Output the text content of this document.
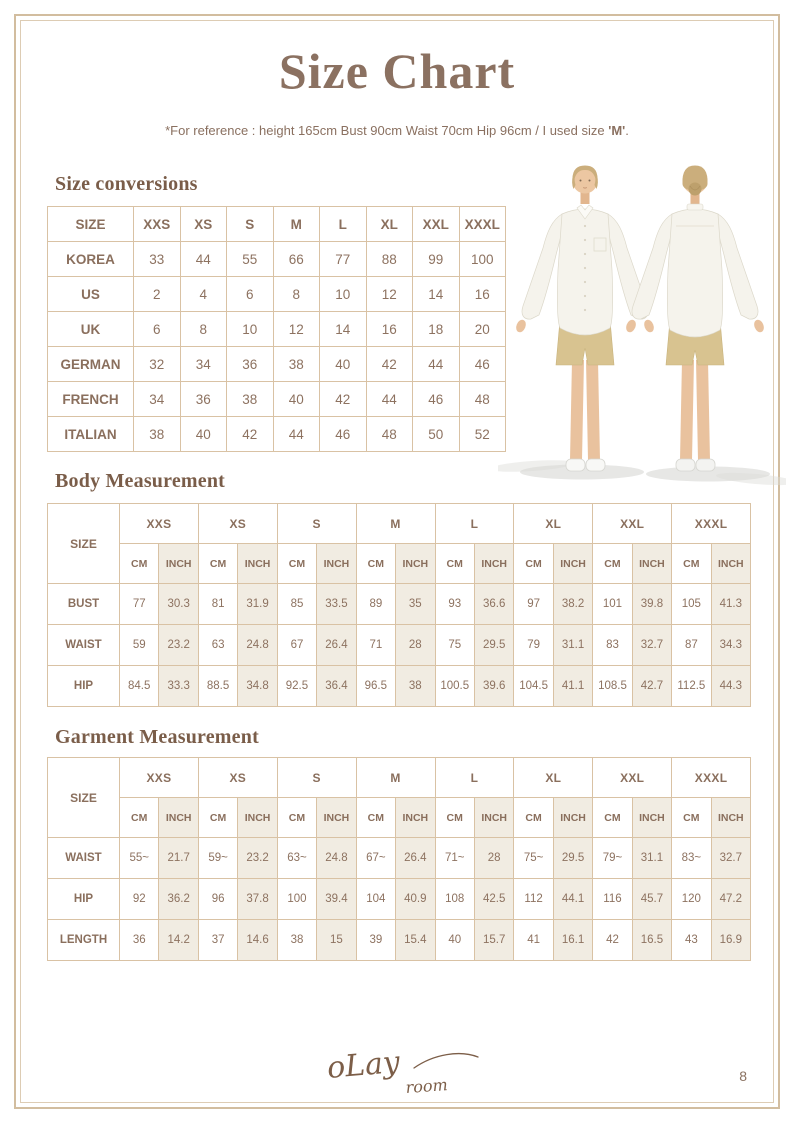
Size Chart

*For reference : height 165cm Bust 90cm Waist 70cm Hip 96cm / I used size 'M'.

Size conversions
SIZE	XXS	XS	S	M	L	XL	XXL	XXXL
KOREA	33	44	55	66	77	88	99	100
US	2	4	6	8	10	12	14	16
UK	6	8	10	12	14	16	18	20
GERMAN	32	34	36	38	40	42	44	46
FRENCH	34	36	38	40	42	44	46	48
ITALIAN	38	40	42	44	46	48	50	52
Body Measurement
SIZE	XXS		XS		S		M		L		XL		XXL		XXXL	
	CM	INCH	CM	INCH	CM	INCH	CM	INCH	CM	INCH	CM	INCH	CM	INCH	CM	INCH
BUST	77	30.3	81	31.9	85	33.5	89	35	93	36.6	97	38.2	101	39.8	105	41.3
WAIST	59	23.2	63	24.8	67	26.4	71	28	75	29.5	79	31.1	83	32.7	87	34.3
HIP	84.5	33.3	88.5	34.8	92.5	36.4	96.5	38	100.5	39.6	104.5	41.1	108.5	42.7	112.5	44.3
Garment Measurement
SIZE	XXS		XS		S		M		L		XL		XXL		XXXL	
	CM	INCH	CM	INCH	CM	INCH	CM	INCH	CM	INCH	CM	INCH	CM	INCH	CM	INCH
WAIST	55~	21.7	59~	23.2	63~	24.8	67~	26.4	71~	28	75~	29.5	79~	31.1	83~	32.7
HIP	92	36.2	96	37.8	100	39.4	104	40.9	108	42.5	112	44.1	116	45.7	120	47.2
LENGTH	36	14.2	37	14.6	38	15	39	15.4	40	15.7	41	16.1	42	16.5	43	16.9
oLay
room	8
